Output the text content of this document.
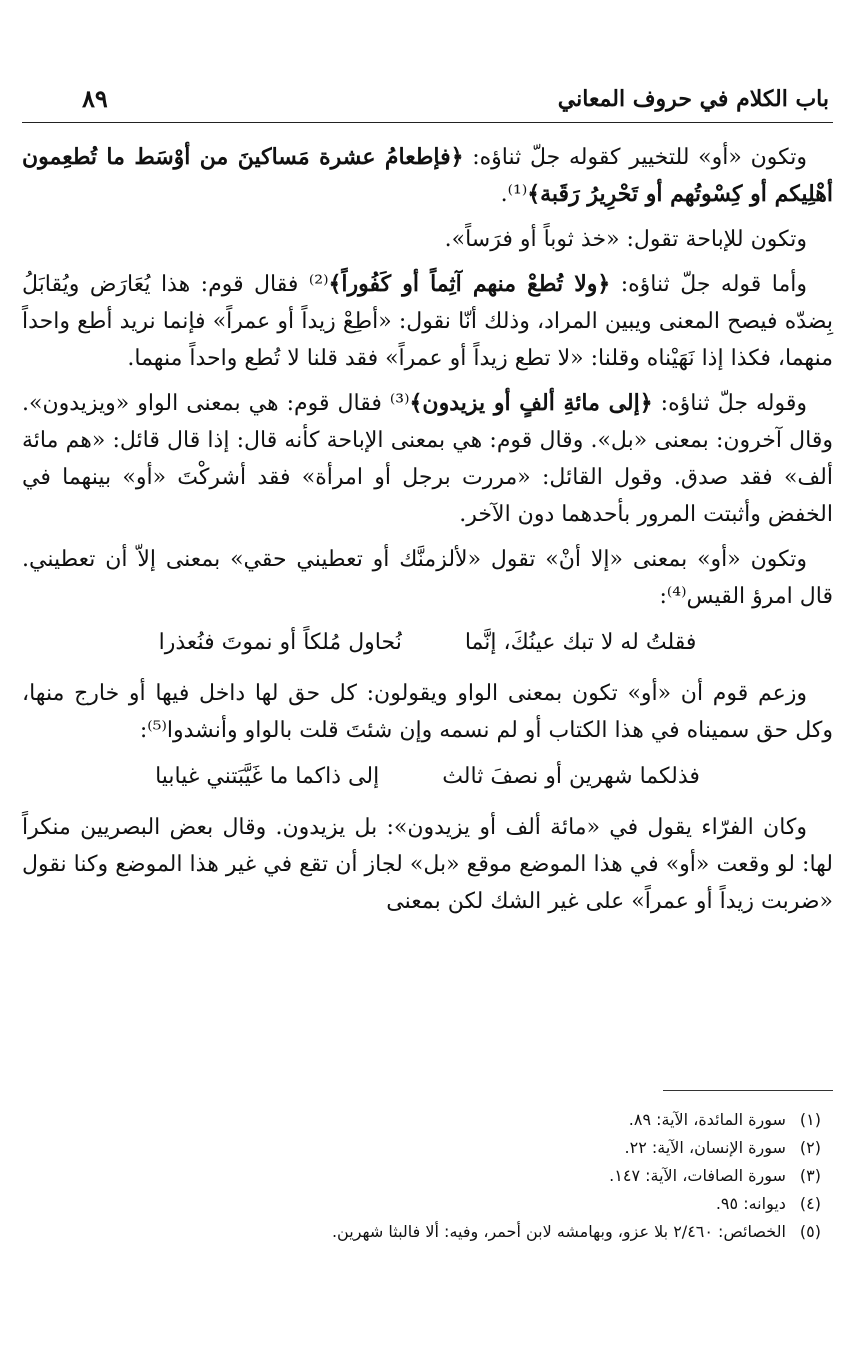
باب الكلام في حروف المعاني
٨٩

وتكون «أو» للتخيير كقوله جلّ ثناؤه: ﴿فإطعامُ عشرة مَساكينَ من أوْسَط ما تُطعِمون أهْلِيكم أو كِسْوتُهم أو تَحْرِيرُ رَقَبة﴾⁽¹⁾.

وتكون للإباحة تقول: «خذ ثوباً أو فرَساً».

وأما قوله جلّ ثناؤه: ﴿ولا تُطعْ منهم آثِماً أو كَفُوراً﴾⁽²⁾ فقال قوم: هذا يُعَارَض ويُقابَلُ بِضدّه فيصح المعنى ويبين المراد، وذلك أنّا نقول: «أطِعْ زيداً أو عمراً» فإنما نريد أطع واحداً منهما، فكذا إذا نَهَيْناه وقلنا: «لا تطع زيداً أو عمراً» فقد قلنا لا تُطع واحداً منهما.

وقوله جلّ ثناؤه: ﴿إلى مائةِ ألفٍ أو يزيدون﴾⁽³⁾ فقال قوم: هي بمعنى الواو «ويزيدون». وقال آخرون: بمعنى «بل». وقال قوم: هي بمعنى الإباحة كأنه قال: إذا قال قائل: «هم مائة ألف» فقد صدق. وقول القائل: «مررت برجل أو امرأة» فقد أشركْتَ «أو» بينهما في الخفض وأثبتت المرور بأحدهما دون الآخر.

وتكون «أو» بمعنى «إلا أنْ» تقول «لألزمنَّك أو تعطيني حقي» بمعنى إلاّ أن تعطيني. قال امرؤ القيس⁽⁴⁾:

فقلتُ له لا تبك عينُكَ، إنَّما نُحاول مُلكاً أو نموتَ فنُعذرا

وزعم قوم أن «أو» تكون بمعنى الواو ويقولون: كل حق لها داخل فيها أو خارج منها، وكل حق سميناه في هذا الكتاب أو لم نسمه وإن شئتَ قلت بالواو وأنشدوا⁽⁵⁾:

فذلكما شهرين أو نصفَ ثالث إلى ذاكما ما غَيَّبَتني غيابيا

وكان الفرّاء يقول في «مائة ألف أو يزيدون»: بل يزيدون. وقال بعض البصريين منكراً لها: لو وقعت «أو» في هذا الموضع موقع «بل» لجاز أن تقع في غير هذا الموضع وكنا نقول «ضربت زيداً أو عمراً» على غير الشك لكن بمعنى

(١) سورة المائدة، الآية: ٨٩.
(٢) سورة الإنسان، الآية: ٢٢.
(٣) سورة الصافات، الآية: ١٤٧.
(٤) ديوانه: ٩٥.
(٥) الخصائص: ٢/٤٦٠ بلا عزو، وبهامشه لابن أحمر، وفيه: ألا فالبثا شهرين.
